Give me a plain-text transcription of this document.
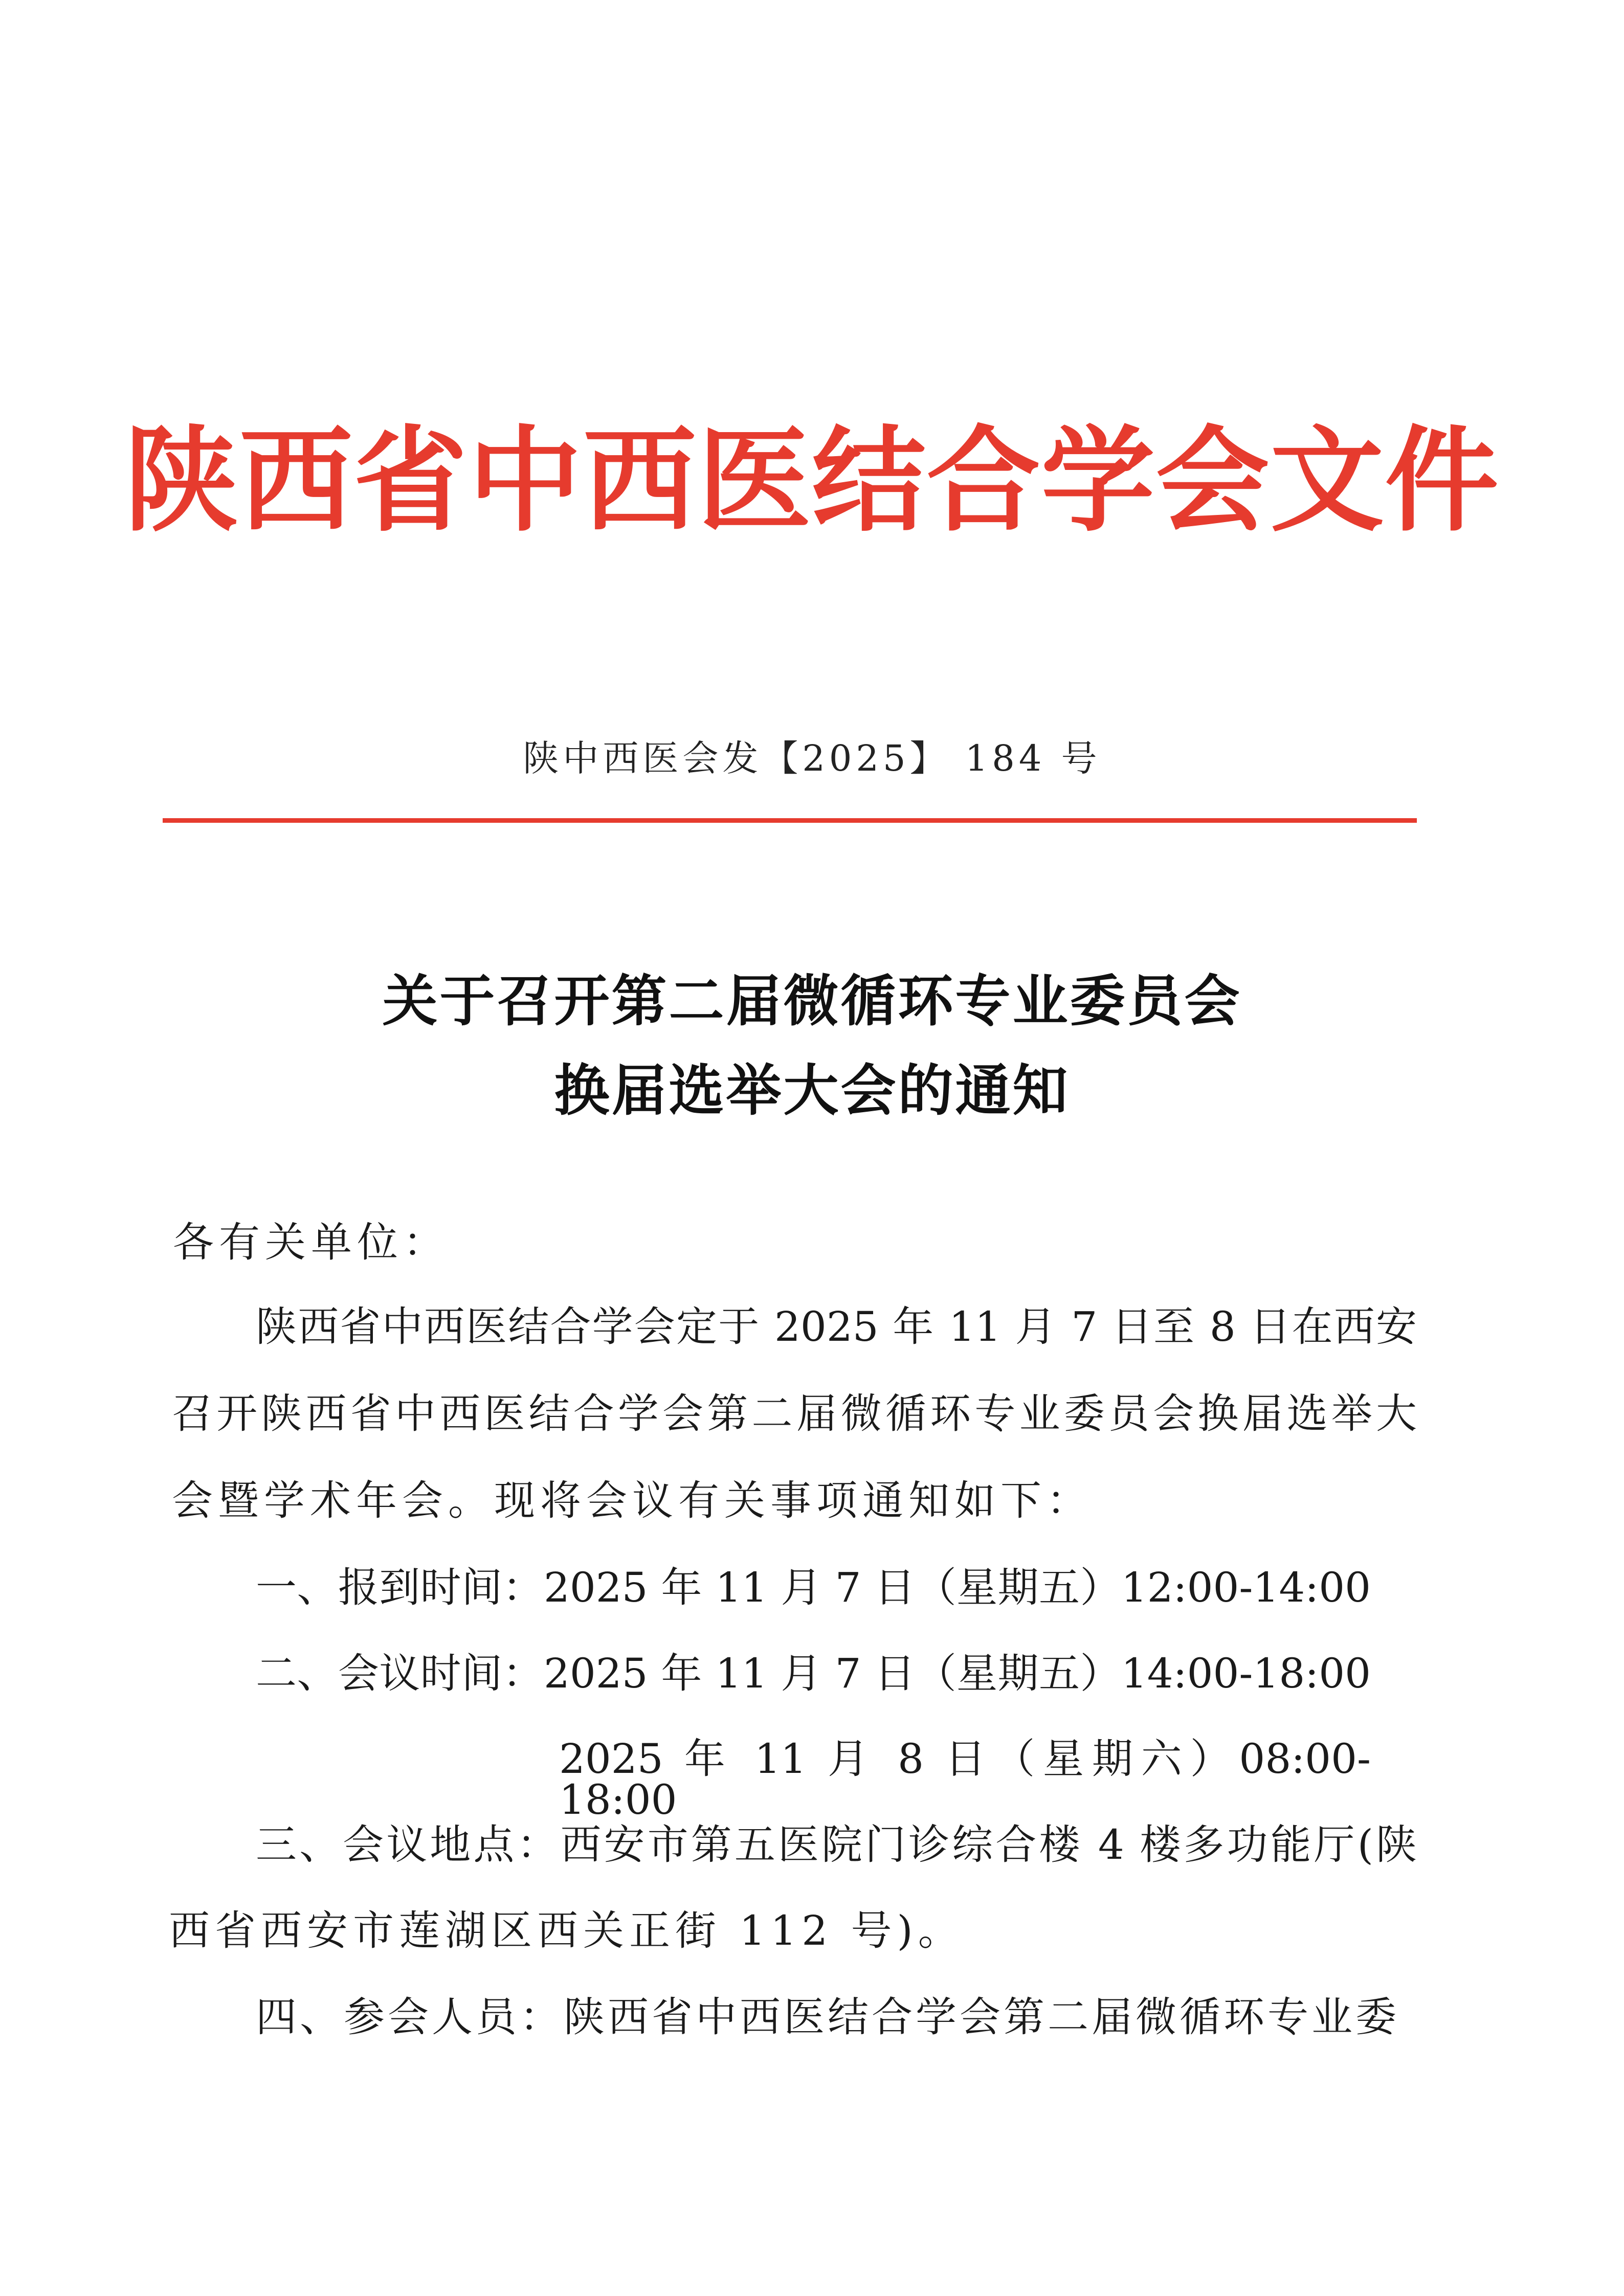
陕西省中西医结合学会文件
陕中西医会发【2025】 184 号
关于召开第二届微循环专业委员会
换届选举大会的通知
各有关单位：
陕西省中西医结合学会定于 2025 年 11 月 7 日至 8 日在西安
召开陕西省中西医结合学会第二届微循环专业委员会换届选举大
会暨学术年会。现将会议有关事项通知如下：
一、报到时间：2025 年 11 月 7 日（星期五）12:00-14:00
二、会议时间：2025 年 11 月 7 日（星期五）14:00-18:00
2025 年 11 月 8 日（星期六）08:00-18:00
三、会议地点：西安市第五医院门诊综合楼 4 楼多功能厅(陕
西省西安市莲湖区西关正街 112 号)。
四、参会人员：陕西省中西医结合学会第二届微循环专业委
